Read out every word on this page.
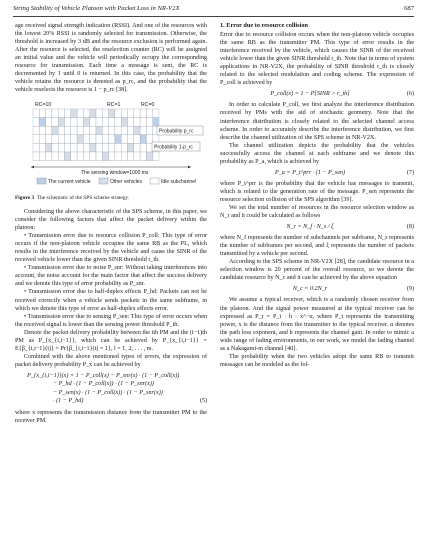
String Stability of Vehicle Platoon with Packet Loss in NR-V2X	687

age received signal strength indication (RSSI). And one of the resources with the lowest 20% RSSI is randomly selected for transmission. Otherwise, the threshold is increased by 3 dB and the resource exclusion is performed again. After the resource is selected, the reselection counter (RC) will be assigned an initial value and the vehicle will periodically occupy the corresponding resource for transmission. Each time a message is sent, the RC is decremented by 1 until 0 is returned. In this case, the probability that the vehicle retains the resource is denoted as p_rc, and the probability that the vehicle reselects the resource is 1 − p_rc [38].

RC=10	RC=1	RC=0
Probability p_rc
Probability 1-p_rc
The sensing window=1000 ms
The current vehicle	Other vehicles	Idle subchannel
Figure 3 The schematic of the SPS scheme strategy.

Considering the above characteristic of the SPS scheme, in this paper, we consider the following factors that affect the packet delivery within the platoon:

• Transmission error due to resource collision P_coll: This type of error occurs if the non-platoon vehicle occupies the same RB as the PL, which results in the interference received by the vehicle and cause the SINR of the received vehicle lower than the given SINR threshold r_th.

• Transmission error due to noise P_snr: Without taking interferences into account, the noise account for the main factor that affect the success delivery and we denote this type of error probability as P_snr.

• Transmission error due to half-duplex effects P_hd: Packets can not be received correctly when a vehicle sends packets in the same subframe, in which we denote this type of error as half-duplex effects error.

• Transmission error due to sensing P_sen: This type of error occurs when the received signal is lower than the sensing power threshold P_th.

Denote the packet delivery probability between the ith PM and the (i−1)th PM as P_{x_{i,i−1}}, which can be achieved by P_{x_{i,i−1}} = E{β_{i,i−1}(t)} = Pr{β_{i,i−1}(t) = 1}, l = 1, 2, . . . , m.

Combined with the above mentioned types of errors, the expression of packet delivery probability P_x can be achieved by

P_{x_{i,i−1}}(x) = 1 − P_coll(x) − P_snr(x) · (1 − P_coll(x))
− P_hd · (1 − P_coll(x)) · (1 − P_snr(x))
− P_sen(x) · (1 − P_coll(x)) · (1 − P_snr(x))
· (1 − P_hd)	(5)

where x represents the transmission distance from the transmitter PM to the receiver PM.

1. Error due to resource collision

Error due to resource collision occurs when the non-platoon vehicle occupies the same RB as the transmitter PM. This type of error results in the interference received by the vehicle, which causes the SINR of the received vehicle lower than the given SINR threshold r_th. Note that in terms of system applications in NR-V2X, the probability of SINR threshold r_th is closely related to the selected modulation and coding scheme. The expression of P_coll is achieved by

P_coll(x) = 1 − P[SINR > r_th]	(6)

In order to calculate P_coll, we first analyze the interference distribution received by PMs with the aid of stochastic geometry. Note that the interference distribution is closely related to the selected channel access scheme. In order to accurately describe the interference distribution, we first describe the channel utilization of the SPS scheme in NR-V2X.

The channel utilization depicts the probability that the vehicles successfully access the channel at each subframe and we denote this probability as P_a, which is achieved by

P_a = P_t^prr · (1 − P_sen)	(7)

where P_t^prr is the probability that the vehicle has messages to transmit, which is related to the generation rate of the message. P_sen represents the resource selection collision of the SPS algorithm [39].

We set the total number of resources in the resource selection window as N_r and it could be calculated as follows

N_r = N_f · N_s / ξ	(8)

where N_f represents the number of subchannels per subframe, N_s represents the number of subframes per second, and ξ represents the number of packets transmitted by a vehicle per second.

According to the SPS scheme in NR-V2X [28], the candidate resource in a selection window is 20 percent of the overall resource, so we denote the candidate resource by N_c and it can be achieved by the above equation

N_c = 0.2N_r	(9)

We assume a typical receiver, which is a randomly chosen receiver from the platoon. And the signal power measured at the typical receiver can be expressed as P_r = P_t · h · x^−α, where P_t represents the transmitting power, x is the distance from the transmitter to the typical receiver. α denotes the path loss exponent, and h represents the channel gain. In order to mimic a wide range of fading environments, in our work, we model the fading channel as a Nakagami-m channel [40].

The probability when the two vehicles adopt the same RB to transmit messages can be modeled as the fol-
